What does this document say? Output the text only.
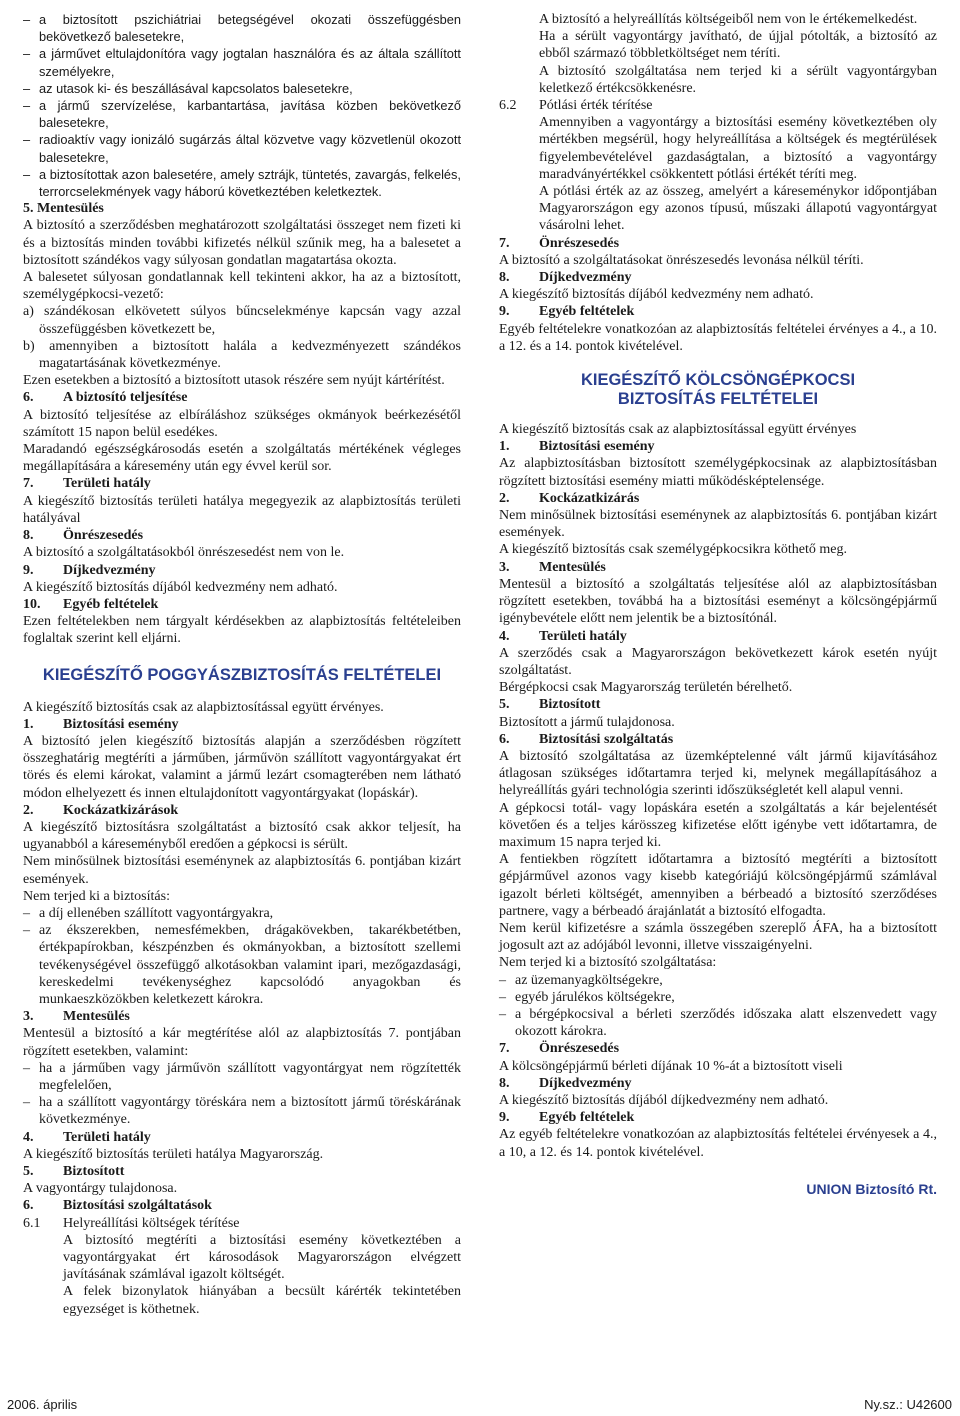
– a biztosított pszichiátriai betegségével okozati összefüggésben bekövetkező balesetekre,

– a járművet eltulajdonítóra vagy jogtalan használóra és az általa szállított személyekre,

– az utasok ki- és beszállásával kapcsolatos balesetekre,

– a jármű szervízelése, karbantartása, javítása közben bekövetkező balesetekre,

– radioaktív vagy ionizáló sugárzás által közvetve vagy közvetlenül okozott balesetekre,

– a biztosítottak azon balesetére, amely sztrájk, tüntetés, zavargás, felkelés, terrorcselekmények vagy háború következtében keletkeztek.

5. Mentesülés

A biztosító a szerződésben meghatározott szolgáltatási összeget nem fizeti ki és a biztosítás minden további kifizetés nélkül szűnik meg, ha a balesetet a biztosított szándékos vagy súlyosan gondatlan magatartása okozta.

A balesetet súlyosan gondatlannak kell tekinteni akkor, ha az a biztosított, személygépkocsi-vezető:

a) szándékosan elkövetett súlyos bűncselekménye kapcsán vagy azzal összefüggésben következett be,

b) amennyiben a biztosított halála a kedvezményezett szándékos magatartásának következménye.

Ezen esetekben a biztosító a biztosított utasok részére sem nyújt kártérítést.

6.	A biztosító teljesítése

A biztosító teljesítése az elbíráláshoz szükséges okmányok beérkezésétől számított 15 napon belül esedékes.

Maradandó egészségkárosodás esetén a szolgáltatás mértékének végleges megállapítására a káresemény után egy évvel kerül sor.

7.	Területi hatály

A kiegészítő biztosítás területi hatálya megegyezik az alapbiztosítás területi hatályával

8.	Önrészesedés

A biztosító a szolgáltatásokból önrészesedést nem von le.

9.	Díjkedvezmény

A kiegészítő biztosítás díjából kedvezmény nem adható.

10.	Egyéb feltételek

Ezen feltételekben nem tárgyalt kérdésekben az alapbiztosítás feltételeiben foglaltak szerint kell eljárni.

KIEGÉSZÍTŐ POGGYÁSZBIZTOSÍTÁS FELTÉTELEI

A kiegészítő biztosítás csak az alapbiztosítással együtt érvényes.

1.	Biztosítási esemény

A biztosító jelen kiegészítő biztosítás alapján a szerződésben rögzített összeghatárig megtéríti a járműben, járművön szállított vagyontárgyakat ért törés és elemi károkat, valamint a jármű lezárt csomagterében nem látható módon elhelyezett és innen eltulajdonított vagyontárgyakat (lopáskár).

2.	Kockázatkizárások

A kiegészítő biztosításra szolgáltatást a biztosító csak akkor teljesít, ha ugyanabból a káreseményből eredően a gépkocsi is sérült.

Nem minősülnek biztosítási eseménynek az alapbiztosítás 6. pontjában kizárt események.

Nem terjed ki a biztosítás:

– a díj ellenében szállított vagyontárgyakra,

– az ékszerekben, nemesfémekben, drágakövekben, takarékbetétben, értékpapírokban, készpénzben és okmányokban, a biztosított szellemi tevékenységével összefüggő alkotásokban valamint ipari, mezőgazdasági, kereskedelmi tevékenységhez kapcsolódó anyagokban és munkaeszközökben keletkezett károkra.

3.	Mentesülés

Mentesül a biztosító a kár megtérítése alól az alapbiztosítás 7. pontjában rögzített esetekben, valamint:

– ha a járműben vagy járművön szállított vagyontárgyat nem rögzítették megfelelően,

– ha a szállított vagyontárgy töréskára nem a biztosított jármű töréskárának következménye.

4.	Területi hatály

A kiegészítő biztosítás területi hatálya Magyarország.

5.	Biztosított

A vagyontárgy tulajdonosa.

6.	Biztosítási szolgáltatások

6.1	Helyreállítási költségek térítése

A biztosító megtéríti a biztosítási esemény következtében a vagyontárgyakat ért károsodások Magyarországon elvégzett javításának számlával igazolt költségét.

A felek bizonylatok hiányában a becsült kárérték tekintetében egyezséget is köthetnek.

A biztosító a helyreállítás költségeiből nem von le értékemelkedést.

Ha a sérült vagyontárgy javítható, de újjal pótolták, a biztosító az ebből származó többletköltséget nem téríti.

A biztosító szolgáltatása nem terjed ki a sérült vagyontárgyban keletkező értékcsökkenésre.

6.2	Pótlási érték térítése

Amennyiben a vagyontárgy a biztosítási esemény következtében oly mértékben megsérül, hogy helyreállítása a költségek és megtérülések figyelembevételével gazdaságtalan, a biztosító a vagyontárgy maradványértékkel csökkentett pótlási értékét téríti meg.

A pótlási érték az az összeg, amelyért a káreseménykor időpontjában Magyarországon egy azonos típusú, műszaki állapotú vagyontárgyat vásárolni lehet.

7.	Önrészesedés

A biztosító a szolgáltatásokat önrészesedés levonása nélkül téríti.

8.	Díjkedvezmény

A kiegészítő biztosítás díjából kedvezmény nem adható.

9.	Egyéb feltételek

Egyéb feltételekre vonatkozóan az alapbiztosítás feltételei érvényes a 4., a 10. a 12. és a 14. pontok kivételével.

KIEGÉSZÍTŐ KÖLCSÖNGÉPKOCSI
BIZTOSÍTÁS FELTÉTELEI

A kiegészítő biztosítás csak az alapbiztosítással együtt érvényes

1.	Biztosítási esemény

Az alapbiztosításban biztosított személygépkocsinak az alapbiztosításban rögzített biztosítási esemény miatti működésképtelensége.

2.	Kockázatkizárás

Nem minősülnek biztosítási eseménynek az alapbiztosítás 6. pontjában kizárt események.

A kiegészítő biztosítás csak személygépkocsikra köthető meg.

3.	Mentesülés

Mentesül a biztosító a szolgáltatás teljesítése alól az alapbiztosításban rögzített esetekben, továbbá ha a biztosítási eseményt a kölcsöngépjármű igénybevétele előtt nem jelentik be a biztosítónál.

4.	Területi hatály

A szerződés csak a Magyarországon bekövetkezett károk esetén nyújt szolgáltatást.

Bérgépkocsi csak Magyarország területén bérelhető.

5.	Biztosított

Biztosított a jármű tulajdonosa.

6.	Biztosítási szolgáltatás

A biztosító szolgáltatása az üzemképtelenné vált jármű kijavításához átlagosan szükséges időtartamra terjed ki, melynek megállapításához a helyreállítás gyári technológia szerinti időszükségletét kell alapul venni.

A gépkocsi totál- vagy lopáskára esetén a szolgáltatás a kár bejelentését követően és a teljes kárösszeg kifizetése előtt igénybe vett időtartamra, de maximum 15 napra terjed ki.

A fentiekben rögzített időtartamra a biztosító megtéríti a biztosított gépjárművel azonos vagy kisebb kategóriájú kölcsöngépjármű számlával igazolt bérleti költségét, amennyiben a bérbeadó a biztosító szerződéses partnere, vagy a bérbeadó árajánlatát a biztosító elfogadta.

Nem kerül kifizetésre a számla összegében szereplő ÁFA, ha a biztosított jogosult azt az adójából levonni, illetve visszaigényelni.

Nem terjed ki a biztosító szolgáltatása:

– az üzemanyagköltségekre,

– egyéb járulékos költségekre,

– a bérgépkocsival a bérleti szerződés időszaka alatt elszenvedett vagy okozott károkra.

7.	Önrészesedés

A kölcsöngépjármű bérleti díjának 10 %-át a biztosított viseli

8.	Díjkedvezmény

A kiegészítő biztosítás díjából díjkedvezmény nem adható.

9.	Egyéb feltételek

Az egyéb feltételekre vonatkozóan az alapbiztosítás feltételei érvényesek a 4., a 10, a 12. és 14. pontok kivételével.

UNION Biztosító Rt.

2006. április	Ny.sz.: U42600
